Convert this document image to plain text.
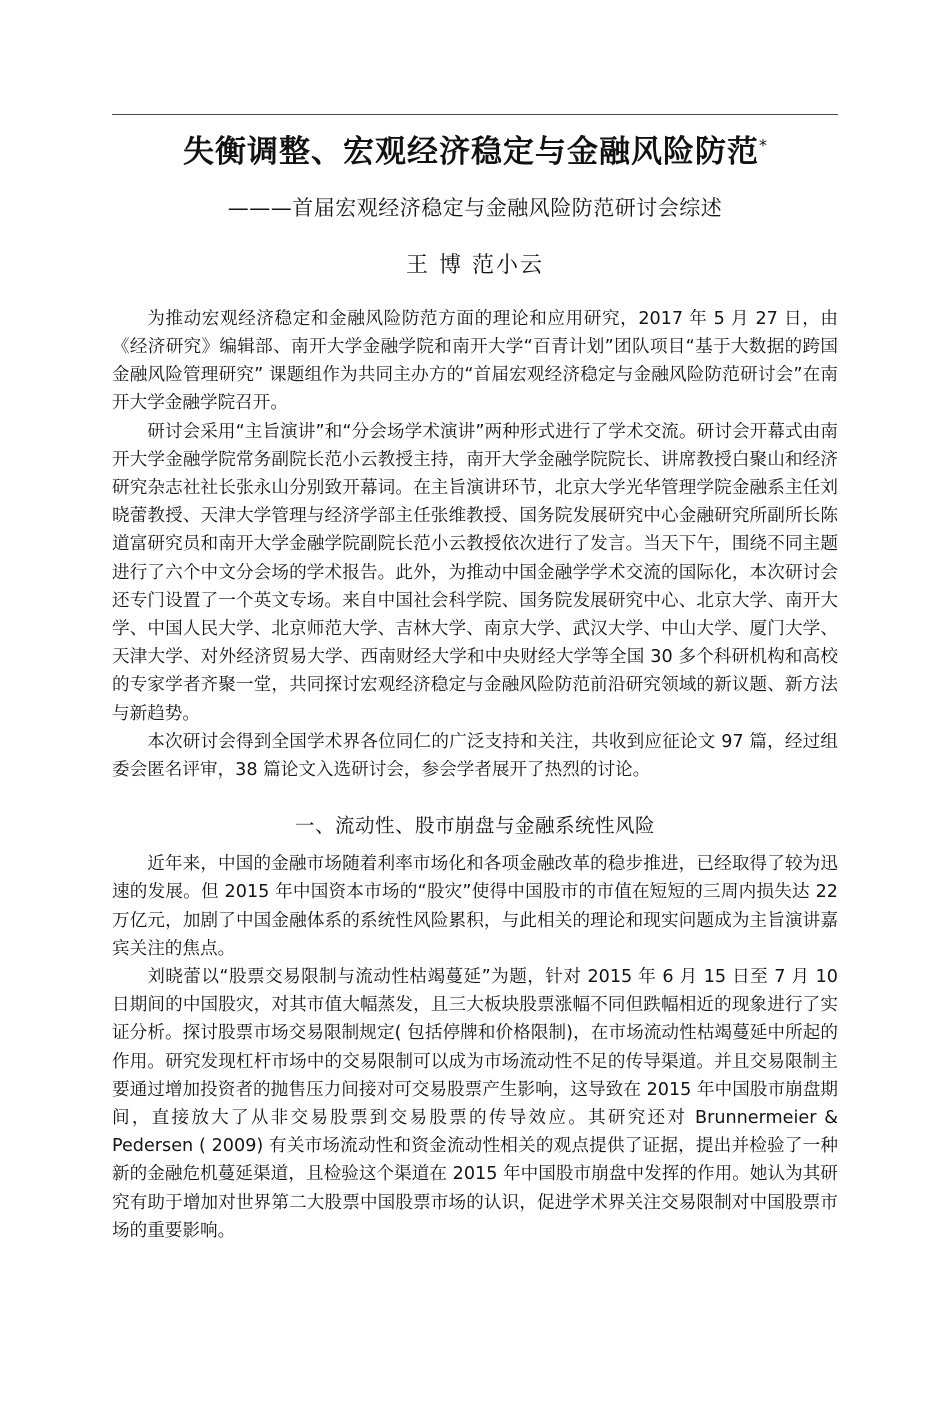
失衡调整、宏观经济稳定与金融风险防范*
———首届宏观经济稳定与金融风险防范研讨会综述
王 博 范小云

为推动宏观经济稳定和金融风险防范方面的理论和应用研究，2017 年 5 月 27 日，由《经济研究》编辑部、南开大学金融学院和南开大学“百青计划”团队项目“基于大数据的跨国金融风险管理研究” 课题组作为共同主办方的“首届宏观经济稳定与金融风险防范研讨会”在南开大学金融学院召开。

研讨会采用“主旨演讲”和“分会场学术演讲”两种形式进行了学术交流。研讨会开幕式由南开大学金融学院常务副院长范小云教授主持，南开大学金融学院院长、讲席教授白聚山和经济研究杂志社社长张永山分别致开幕词。在主旨演讲环节，北京大学光华管理学院金融系主任刘晓蕾教授、天津大学管理与经济学部主任张维教授、国务院发展研究中心金融研究所副所长陈道富研究员和南开大学金融学院副院长范小云教授依次进行了发言。当天下午，围绕不同主题进行了六个中文分会场的学术报告。此外，为推动中国金融学学术交流的国际化，本次研讨会还专门设置了一个英文专场。来自中国社会科学院、国务院发展研究中心、北京大学、南开大学、中国人民大学、北京师范大学、吉林大学、南京大学、武汉大学、中山大学、厦门大学、天津大学、对外经济贸易大学、西南财经大学和中央财经大学等全国 30 多个科研机构和高校的专家学者齐聚一堂，共同探讨宏观经济稳定与金融风险防范前沿研究领域的新议题、新方法与新趋势。

本次研讨会得到全国学术界各位同仁的广泛支持和关注，共收到应征论文 97 篇，经过组委会匿名评审，38 篇论文入选研讨会，参会学者展开了热烈的讨论。

一、流动性、股市崩盘与金融系统性风险

近年来，中国的金融市场随着利率市场化和各项金融改革的稳步推进，已经取得了较为迅速的发展。但 2015 年中国资本市场的“股灾”使得中国股市的市值在短短的三周内损失达 22 万亿元，加剧了中国金融体系的系统性风险累积，与此相关的理论和现实问题成为主旨演讲嘉宾关注的焦点。

刘晓蕾以“股票交易限制与流动性枯竭蔓延”为题，针对 2015 年 6 月 15 日至 7 月 10 日期间的中国股灾，对其市值大幅蒸发，且三大板块股票涨幅不同但跌幅相近的现象进行了实证分析。探讨股票市场交易限制规定( 包括停牌和价格限制)，在市场流动性枯竭蔓延中所起的作用。研究发现杠杆市场中的交易限制可以成为市场流动性不足的传导渠道。并且交易限制主要通过增加投资者的抛售压力间接对可交易股票产生影响，这导致在 2015 年中国股市崩盘期间，直接放大了从非交易股票到交易股票的传导效应。其研究还对 Brunnermeier & Pedersen ( 2009) 有关市场流动性和资金流动性相关的观点提供了证据，提出并检验了一种新的金融危机蔓延渠道，且检验这个渠道在 2015 年中国股市崩盘中发挥的作用。她认为其研究有助于增加对世界第二大股票中国股票市场的认识，促进学术界关注交易限制对中国股票市场的重要影响。
